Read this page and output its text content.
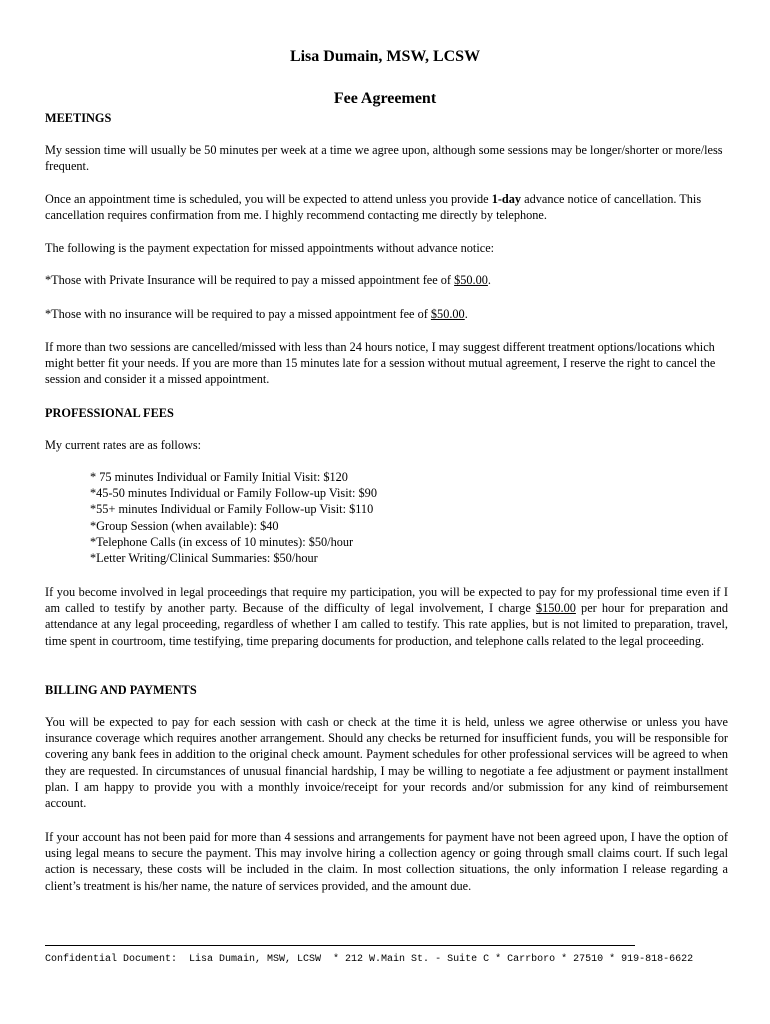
Lisa Dumain, MSW, LCSW
Fee Agreement
MEETINGS

My session time will usually be 50 minutes per week at a time we agree upon, although some sessions may be longer/shorter or more/less frequent.

Once an appointment time is scheduled, you will be expected to attend unless you provide 1-day advance notice of cancellation. This cancellation requires confirmation from me. I highly recommend contacting me directly by telephone.

The following is the payment expectation for missed appointments without advance notice:

*Those with Private Insurance will be required to pay a missed appointment fee of $50.00.

*Those with no insurance will be required to pay a missed appointment fee of $50.00.

If more than two sessions are cancelled/missed with less than 24 hours notice, I may suggest different treatment options/locations which might better fit your needs. If you are more than 15 minutes late for a session without mutual agreement, I reserve the right to cancel the session and consider it a missed appointment.

PROFESSIONAL FEES

My current rates are as follows:

* 75 minutes Individual or Family Initial Visit: $120
*45-50 minutes Individual or Family Follow-up Visit: $90
*55+ minutes Individual or Family Follow-up Visit: $110
*Group Session (when available): $40
*Telephone Calls (in excess of 10 minutes): $50/hour
*Letter Writing/Clinical Summaries: $50/hour

If you become involved in legal proceedings that require my participation, you will be expected to pay for my professional time even if I am called to testify by another party. Because of the difficulty of legal involvement, I charge $150.00 per hour for preparation and attendance at any legal proceeding, regardless of whether I am called to testify. This rate applies, but is not limited to preparation, travel, time spent in courtroom, time testifying, time preparing documents for production, and telephone calls related to the legal proceeding.

BILLING AND PAYMENTS

You will be expected to pay for each session with cash or check at the time it is held, unless we agree otherwise or unless you have insurance coverage which requires another arrangement. Should any checks be returned for insufficient funds, you will be responsible for covering any bank fees in addition to the original check amount. Payment schedules for other professional services will be agreed to when they are requested. In circumstances of unusual financial hardship, I may be willing to negotiate a fee adjustment or payment installment plan. I am happy to provide you with a monthly invoice/receipt for your records and/or submission for any kind of reimbursement account.

If your account has not been paid for more than 4 sessions and arrangements for payment have not been agreed upon, I have the option of using legal means to secure the payment. This may involve hiring a collection agency or going through small claims court. If such legal action is necessary, these costs will be included in the claim. In most collection situations, the only information I release regarding a client’s treatment is his/her name, the nature of services provided, and the amount due.

Confidential Document:  Lisa Dumain, MSW, LCSW  * 212 W.Main St. - Suite C * Carrboro * 27510 * 919-818-6622
